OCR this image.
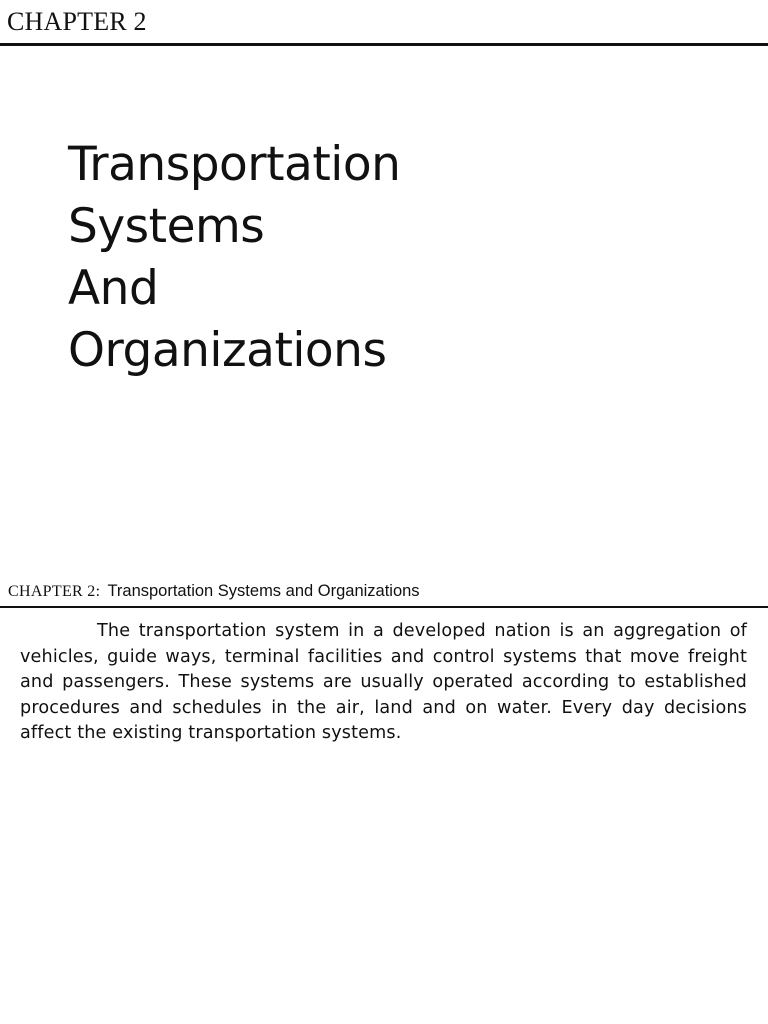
CHAPTER 2
Transportation
Systems
And
Organizations
CHAPTER 2: Transportation Systems and Organizations

The transportation system in a developed nation is an aggregation of vehicles, guide ways, terminal facilities and control systems that move freight and passengers. These systems are usually operated according to established procedures and schedules in the air, land and on water. Every day decisions affect the existing transportation systems.
